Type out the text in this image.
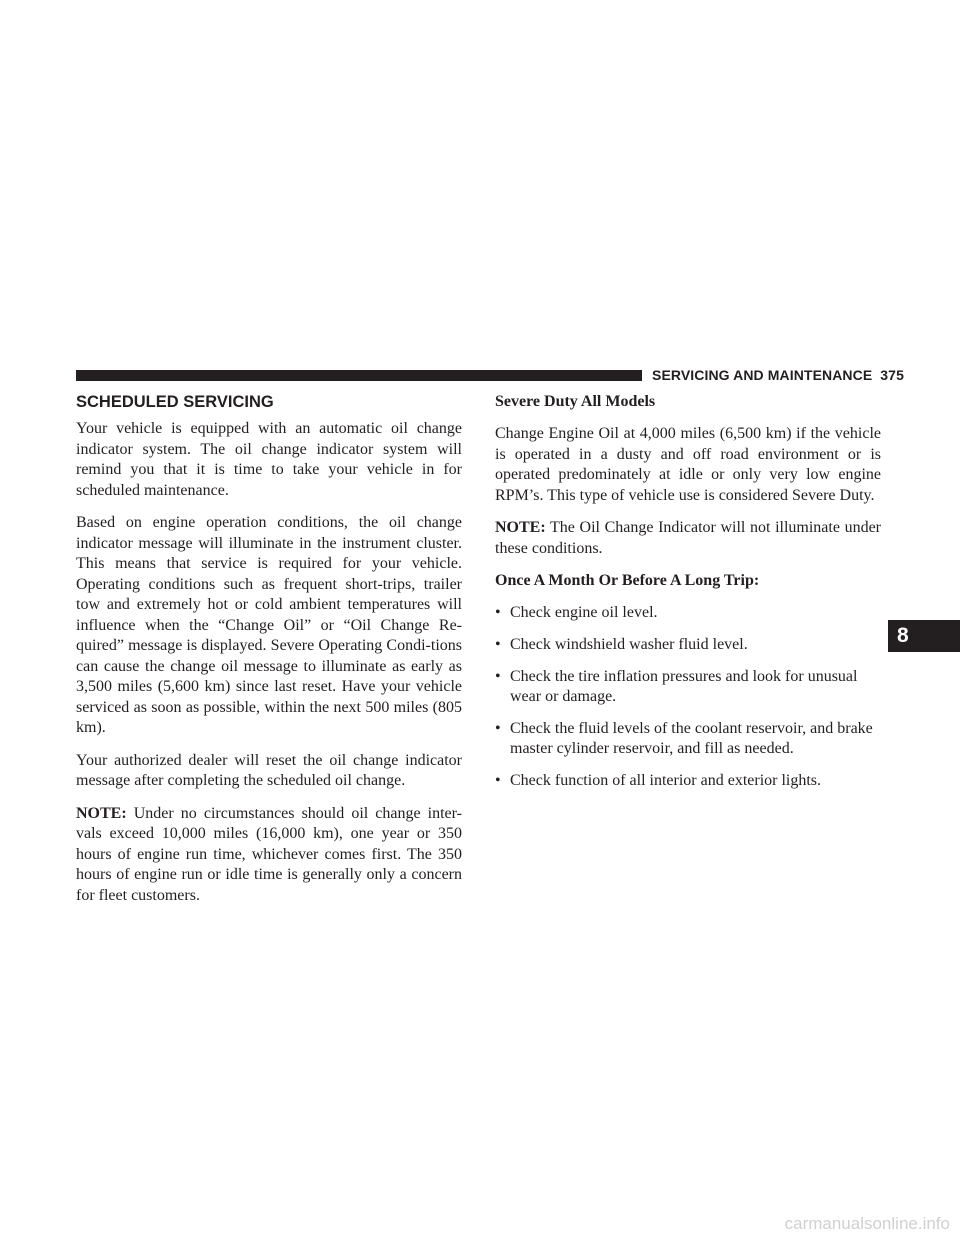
SERVICING AND MAINTENANCE 375
SCHEDULED SERVICING

Your vehicle is equipped with an automatic oil change indicator system. The oil change indicator system will remind you that it is time to take your vehicle in for scheduled maintenance.

Based on engine operation conditions, the oil change indicator message will illuminate in the instrument cluster. This means that service is required for your vehicle. Operating conditions such as frequent short-trips, trailer tow and extremely hot or cold ambient temperatures will influence when the “Change Oil” or “Oil Change Re-quired” message is displayed. Severe Operating Condi-tions can cause the change oil message to illuminate as early as 3,500 miles (5,600 km) since last reset. Have your vehicle serviced as soon as possible, within the next 500 miles (805 km).

Your authorized dealer will reset the oil change indicator message after completing the scheduled oil change.

NOTE: Under no circumstances should oil change inter-vals exceed 10,000 miles (16,000 km), one year or 350 hours of engine run time, whichever comes first. The 350 hours of engine run or idle time is generally only a concern for fleet customers.

Severe Duty All Models

Change Engine Oil at 4,000 miles (6,500 km) if the vehicle is operated in a dusty and off road environment or is operated predominately at idle or only very low engine RPM’s. This type of vehicle use is considered Severe Duty.

NOTE: The Oil Change Indicator will not illuminate under these conditions.

Once A Month Or Before A Long Trip:
• Check engine oil level.
• Check windshield washer fluid level.
• Check the tire inflation pressures and look for unusual wear or damage.
• Check the fluid levels of the coolant reservoir, and brake master cylinder reservoir, and fill as needed.
• Check function of all interior and exterior lights.
8
carmanualsonline.info
